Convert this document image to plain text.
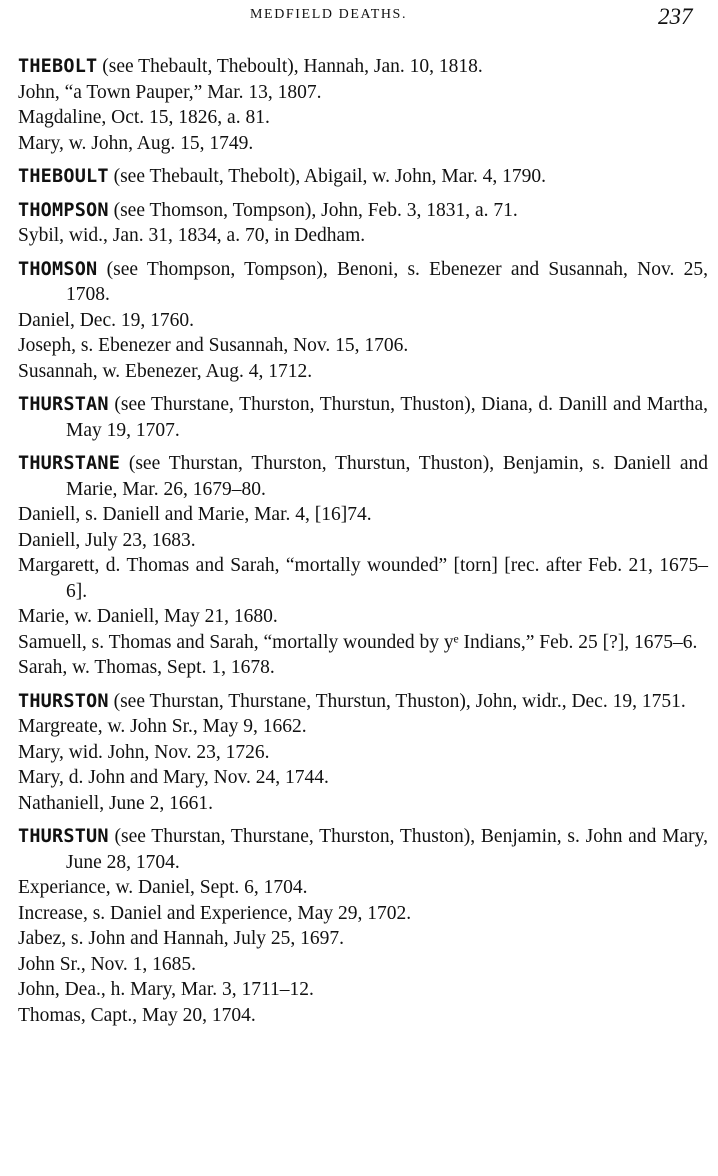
MEDFIELD DEATHS.	237
THEBOLT (see Thebault, Theboult), Hannah, Jan. 10, 1818.
John, “a Town Pauper,” Mar. 13, 1807.
Magdaline, Oct. 15, 1826, a. 81.
Mary, w. John, Aug. 15, 1749.
THEBOULT (see Thebault, Thebolt), Abigail, w. John, Mar. 4, 1790.
THOMPSON (see Thomson, Tompson), John, Feb. 3, 1831, a. 71.
Sybil, wid., Jan. 31, 1834, a. 70, in Dedham.
THOMSON (see Thompson, Tompson), Benoni, s. Ebenezer and Susannah, Nov. 25, 1708.
Daniel, Dec. 19, 1760.
Joseph, s. Ebenezer and Susannah, Nov. 15, 1706.
Susannah, w. Ebenezer, Aug. 4, 1712.
THURSTAN (see Thurstane, Thurston, Thurstun, Thuston), Diana, d. Danill and Martha, May 19, 1707.
THURSTANE (see Thurstan, Thurston, Thurstun, Thuston), Benjamin, s. Daniell and Marie, Mar. 26, 1679–80.
Daniell, s. Daniell and Marie, Mar. 4, [16]74.
Daniell, July 23, 1683.
Margarett, d. Thomas and Sarah, “mortally wounded” [torn] [rec. after Feb. 21, 1675–6].
Marie, w. Daniell, May 21, 1680.
Samuell, s. Thomas and Sarah, “mortally wounded by yᵉ Indians,” Feb. 25 [?], 1675–6.
Sarah, w. Thomas, Sept. 1, 1678.
THURSTON (see Thurstan, Thurstane, Thurstun, Thuston), John, widr., Dec. 19, 1751.
Margreate, w. John Sr., May 9, 1662.
Mary, wid. John, Nov. 23, 1726.
Mary, d. John and Mary, Nov. 24, 1744.
Nathaniell, June 2, 1661.
THURSTUN (see Thurstan, Thurstane, Thurston, Thuston), Benjamin, s. John and Mary, June 28, 1704.
Experiance, w. Daniel, Sept. 6, 1704.
Increase, s. Daniel and Experience, May 29, 1702.
Jabez, s. John and Hannah, July 25, 1697.
John Sr., Nov. 1, 1685.
John, Dea., h. Mary, Mar. 3, 1711–12.
Thomas, Capt., May 20, 1704.
